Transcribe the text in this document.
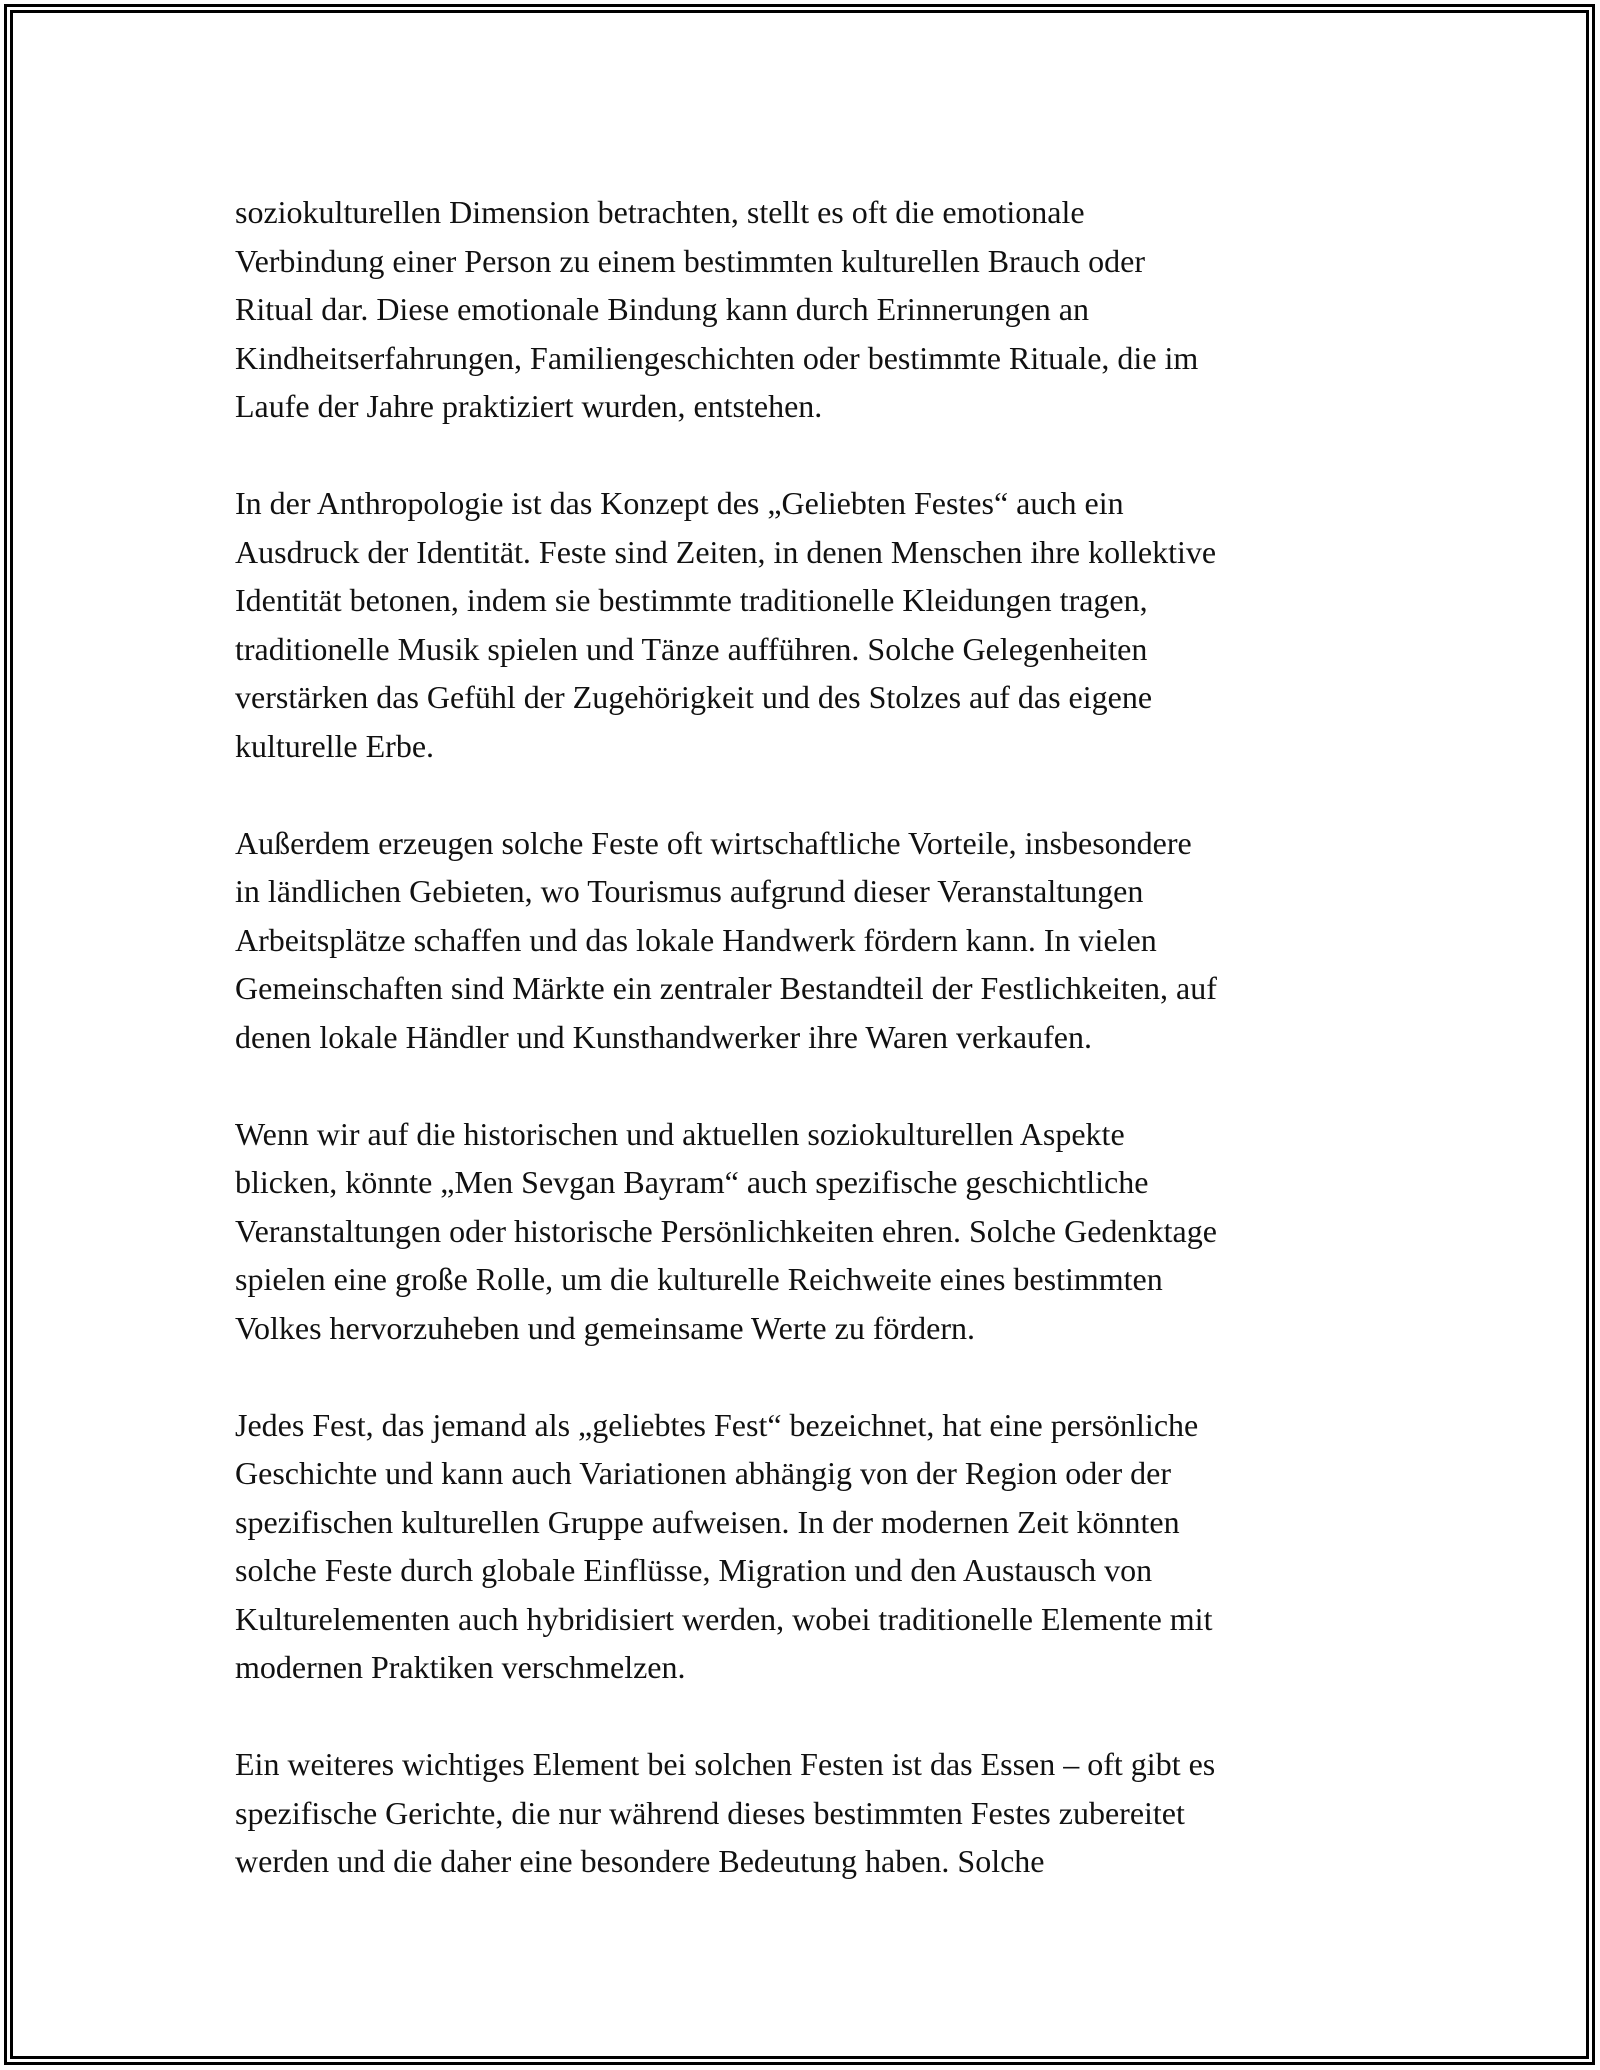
soziokulturellen Dimension betrachten, stellt es oft die emotionale
Verbindung einer Person zu einem bestimmten kulturellen Brauch oder
Ritual dar. Diese emotionale Bindung kann durch Erinnerungen an
Kindheitserfahrungen, Familiengeschichten oder bestimmte Rituale, die im
Laufe der Jahre praktiziert wurden, entstehen.

In der Anthropologie ist das Konzept des „Geliebten Festes“ auch ein
Ausdruck der Identität. Feste sind Zeiten, in denen Menschen ihre kollektive
Identität betonen, indem sie bestimmte traditionelle Kleidungen tragen,
traditionelle Musik spielen und Tänze aufführen. Solche Gelegenheiten
verstärken das Gefühl der Zugehörigkeit und des Stolzes auf das eigene
kulturelle Erbe.

Außerdem erzeugen solche Feste oft wirtschaftliche Vorteile, insbesondere
in ländlichen Gebieten, wo Tourismus aufgrund dieser Veranstaltungen
Arbeitsplätze schaffen und das lokale Handwerk fördern kann. In vielen
Gemeinschaften sind Märkte ein zentraler Bestandteil der Festlichkeiten, auf
denen lokale Händler und Kunsthandwerker ihre Waren verkaufen.

Wenn wir auf die historischen und aktuellen soziokulturellen Aspekte
blicken, könnte „Men Sevgan Bayram“ auch spezifische geschichtliche
Veranstaltungen oder historische Persönlichkeiten ehren. Solche Gedenktage
spielen eine große Rolle, um die kulturelle Reichweite eines bestimmten
Volkes hervorzuheben und gemeinsame Werte zu fördern.

Jedes Fest, das jemand als „geliebtes Fest“ bezeichnet, hat eine persönliche
Geschichte und kann auch Variationen abhängig von der Region oder der
spezifischen kulturellen Gruppe aufweisen. In der modernen Zeit könnten
solche Feste durch globale Einflüsse, Migration und den Austausch von
Kulturelementen auch hybridisiert werden, wobei traditionelle Elemente mit
modernen Praktiken verschmelzen.

Ein weiteres wichtiges Element bei solchen Festen ist das Essen – oft gibt es
spezifische Gerichte, die nur während dieses bestimmten Festes zubereitet
werden und die daher eine besondere Bedeutung haben. Solche
